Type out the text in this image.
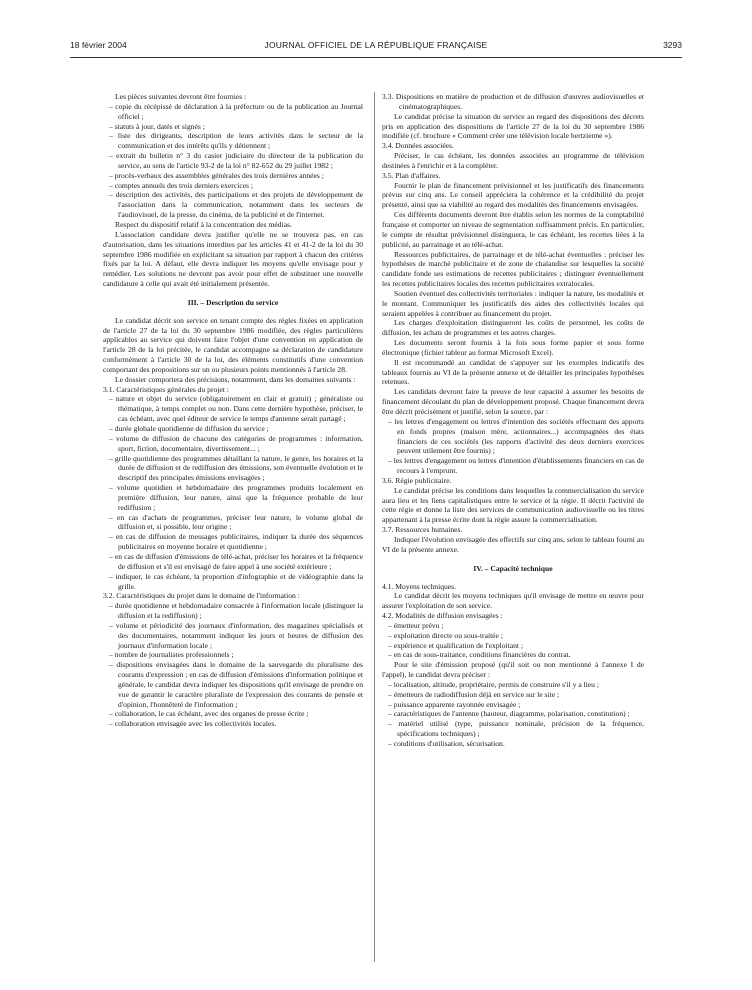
18 février 2004	JOURNAL OFFICIEL DE LA RÉPUBLIQUE FRANÇAISE	3293

Les pièces suivantes devront être fournies :

– copie du récépissé de déclaration à la préfecture ou de la publication au Journal officiel ;

– statuts à jour, datés et signés ;

– liste des dirigeants, description de leurs activités dans le secteur de la communication et des intérêts qu'ils y détiennent ;

– extrait du bulletin n° 3 du casier judiciaire du directeur de la publication du service, au sens de l'article 93-2 de la loi n° 82-652 du 29 juillet 1982 ;

– procès-verbaux des assemblées générales des trois dernières années ;

– comptes annuels des trois derniers exercices ;

– description des activités, des participations et des projets de développement de l'association dans la communication, notamment dans les secteurs de l'audiovisuel, de la presse, du cinéma, de la publicité et de l'internet.

Respect du dispositif relatif à la concentration des médias.

L'association candidate devra justifier qu'elle ne se trouvera pas, en cas d'autorisation, dans les situations interdites par les articles 41 et 41-2 de la loi du 30 septembre 1986 modifiée en explicitant sa situation par rapport à chacun des critères fixés par la loi. A défaut, elle devra indiquer les moyens qu'elle envisage pour y remédier. Les solutions ne devront pas avoir pour effet de substituer une nouvelle candidature à celle qui avait été initialement présentée.

III. – Description du service

Le candidat décrit son service en tenant compte des règles fixées en application de l'article 27 de la loi du 30 septembre 1986 modifiée, des règles particulières applicables au service qui doivent faire l'objet d'une convention en application de l'article 28 de la loi précitée, le candidat accompagne sa déclaration de candidature conformément à l'article 30 de la loi, des éléments constitutifs d'une convention comportant des propositions sur un ou plusieurs points mentionnés à l'article 28.

Le dossier comportera des précisions, notamment, dans les domaines suivants :

3.1. Caractéristiques générales du projet :

– nature et objet du service (obligatoirement en clair et gratuit) ; généraliste ou thématique, à temps complet ou non. Dans cette dernière hypothèse, préciser, le cas échéant, avec quel éditeur de service le temps d'antenne serait partagé ;

– durée globale quotidienne de diffusion du service ;

– volume de diffusion de chacune des catégories de programmes : information, sport, fiction, documentaire, divertissement... ;

– grille quotidienne des programmes détaillant la nature, le genre, les horaires et la durée de diffusion et de rediffusion des émissions, son éventuelle évolution et le descriptif des principales émissions envisagées ;

– volume quotidien et hebdomadaire des programmes produits localement en première diffusion, leur nature, ainsi que la fréquence probable de leur rediffusion ;

– en cas d'achats de programmes, préciser leur nature, le volume global de diffusion et, si possible, leur origine ;

– en cas de diffusion de messages publicitaires, indiquer la durée des séquences publicitaires en moyenne horaire et quotidienne ;

– en cas de diffusion d'émissions de télé-achat, préciser les horaires et la fréquence de diffusion et s'il est envisagé de faire appel à une société extérieure ;

– indiquer, le cas échéant, la proportion d'infographie et de vidéographie dans la grille.

3.2. Caractéristiques du projet dans le domaine de l'information :

– durée quotidienne et hebdomadaire consacrée à l'information locale (distinguer la diffusion et la rediffusion) ;

– volume et périodicité des journaux d'information, des magazines spécialisés et des documentaires, notamment indiquer les jours et heures de diffusion des journaux d'information locale ;

– nombre de journalistes professionnels ;

– dispositions envisagées dans le domaine de la sauvegarde du pluralisme des courants d'expression ; en cas de diffusion d'émissions d'information politique et générale, le candidat devra indiquer les dispositions qu'il envisage de prendre en vue de garantir le caractère pluraliste de l'expression des courants de pensée et d'opinion, l'honnêteté de l'information ;

– collaboration, le cas échéant, avec des organes de presse écrite ;

– collaboration envisagée avec les collectivités locales.

3.3. Dispositions en matière de production et de diffusion d'œuvres audiovisuelles et cinématographiques.

Le candidat précise la situation du service au regard des dispositions des décrets pris en application des dispositions de l'article 27 de la loi du 30 septembre 1986 modifiée (cf. brochure « Comment créer une télévision locale hertzienne »).

3.4. Données associées.

Préciser, le cas échéant, les données associées au programme de télévision destinées à l'enrichir et à la compléter.

3.5. Plan d'affaires.

Fournir le plan de financement prévisionnel et les justificatifs des financements prévus sur cinq ans. Le conseil appréciera la cohérence et la crédibilité du projet présenté, ainsi que sa viabilité au regard des modalités des financements envisagées.

Ces différents documents devront être établis selon les normes de la comptabilité française et comporter un niveau de segmentation suffisamment précis. En particulier, le compte de résultat prévisionnel distinguera, le cas échéant, les recettes liées à la publicité, au parrainage et au télé-achat.

Ressources publicitaires, de parrainage et de télé-achat éventuelles : préciser les hypothèses de marché publicitaire et de zone de chalandise sur lesquelles la société candidate fonde ses estimations de recettes publicitaires ; distinguer éventuellement les recettes publicitaires locales des recettes publicitaires extralocales.

Soutien éventuel des collectivités territoriales : indiquer la nature, les modalités et le montant. Communiquer les justificatifs des aides des collectivités locales qui seraient appelées à contribuer au financement du projet.

Les charges d'exploitation distingueront les coûts de personnel, les coûts de diffusion, les achats de programmes et les autres charges.

Les documents seront fournis à la fois sous forme papier et sous forme électronique (fichier tableur au format Microsoft Excel).

Il est recommandé au candidat de s'appuyer sur les exemples indicatifs des tableaux fournis au VI de la présente annexe et de détailler les principales hypothèses retenues.

Les candidats devront faire la preuve de leur capacité à assumer les besoins de financement découlant du plan de développement proposé. Chaque financement devra être décrit précisément et justifié, selon la source, par :

– les lettres d'engagement ou lettres d'intention des sociétés effectuant des apports en fonds propres (maison mère, actionnaires...) accompagnées des états financiers de ces sociétés (les rapports d'activité des deux derniers exercices peuvent utilement être fournis) ;

– les lettres d'engagement ou lettres d'intention d'établissements financiers en cas de recours à l'emprunt.

3.6. Régie publicitaire.

Le candidat précise les conditions dans lesquelles la commercialisation du service aura lieu et les liens capitalistiques entre le service et la régie. Il décrit l'activité de cette régie et donne la liste des services de communication audiovisuelle ou les titres appartenant à la presse écrite dont la régie assure la commercialisation.

3.7. Ressources humaines.

Indiquer l'évolution envisagée des effectifs sur cinq ans, selon le tableau fourni au VI de la présente annexe.

IV. – Capacité technique

4.1. Moyens techniques.

Le candidat décrit les moyens techniques qu'il envisage de mettre en œuvre pour assurer l'exploitation de son service.

4.2. Modalités de diffusion envisagées :

– émetteur prévu ;

– exploitation directe ou sous-traitée ;

– expérience et qualification de l'exploitant ;

– en cas de sous-traitance, conditions financières du contrat.

Pour le site d'émission proposé (qu'il soit ou non mentionné à l'annexe I de l'appel), le candidat devra préciser :

– localisation, altitude, propriétaire, permis de construire s'il y a lieu ;

– émetteurs de radiodiffusion déjà en service sur le site ;

– puissance apparente rayonnée envisagée ;

– caractéristiques de l'antenne (hauteur, diagramme, polarisation, constitution) ;

– matériel utilisé (type, puissance nominale, précision de la fréquence, spécifications techniques) ;

– conditions d'utilisation, sécurisation.
